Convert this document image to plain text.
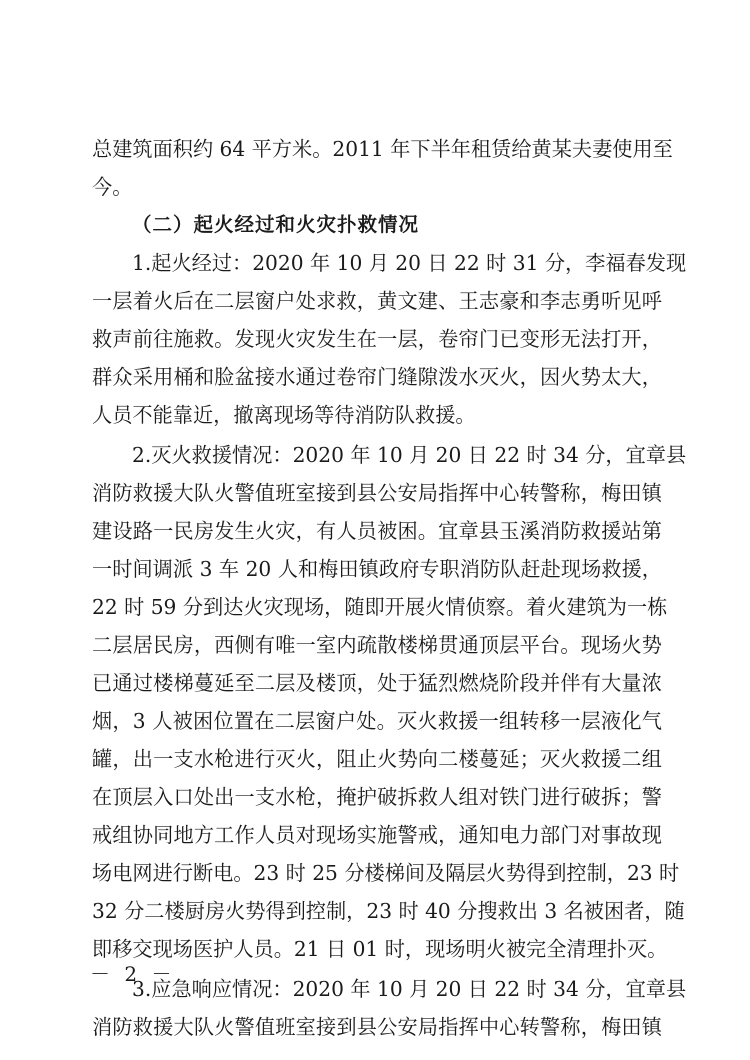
总建筑面积约 64 平方米。2011 年下半年租赁给黄某夫妻使用至
今。
（二）起火经过和火灾扑救情况
1.起火经过：2020 年 10 月 20 日 22 时 31 分，李福春发现
一层着火后在二层窗户处求救，黄文建、王志豪和李志勇听见呼
救声前往施救。发现火灾发生在一层，卷帘门已变形无法打开，
群众采用桶和脸盆接水通过卷帘门缝隙泼水灭火，因火势太大，
人员不能靠近，撤离现场等待消防队救援。
2.灭火救援情况：2020 年 10 月 20 日 22 时 34 分，宜章县
消防救援大队火警值班室接到县公安局指挥中心转警称，梅田镇
建设路一民房发生火灾，有人员被困。宜章县玉溪消防救援站第
一时间调派 3 车 20 人和梅田镇政府专职消防队赶赴现场救援，
22 时 59 分到达火灾现场，随即开展火情侦察。着火建筑为一栋
二层居民房，西侧有唯一室内疏散楼梯贯通顶层平台。现场火势
已通过楼梯蔓延至二层及楼顶，处于猛烈燃烧阶段并伴有大量浓
烟，3 人被困位置在二层窗户处。灭火救援一组转移一层液化气
罐，出一支水枪进行灭火，阻止火势向二楼蔓延；灭火救援二组
在顶层入口处出一支水枪，掩护破拆救人组对铁门进行破拆；警
戒组协同地方工作人员对现场实施警戒，通知电力部门对事故现
场电网进行断电。23 时 25 分楼梯间及隔层火势得到控制，23 时
32 分二楼厨房火势得到控制，23 时 40 分搜救出 3 名被困者，随
即移交现场医护人员。21 日 01 时，现场明火被完全清理扑灭。
3.应急响应情况：2020 年 10 月 20 日 22 时 34 分，宜章县
消防救援大队火警值班室接到县公安局指挥中心转警称，梅田镇
－ 2 －
